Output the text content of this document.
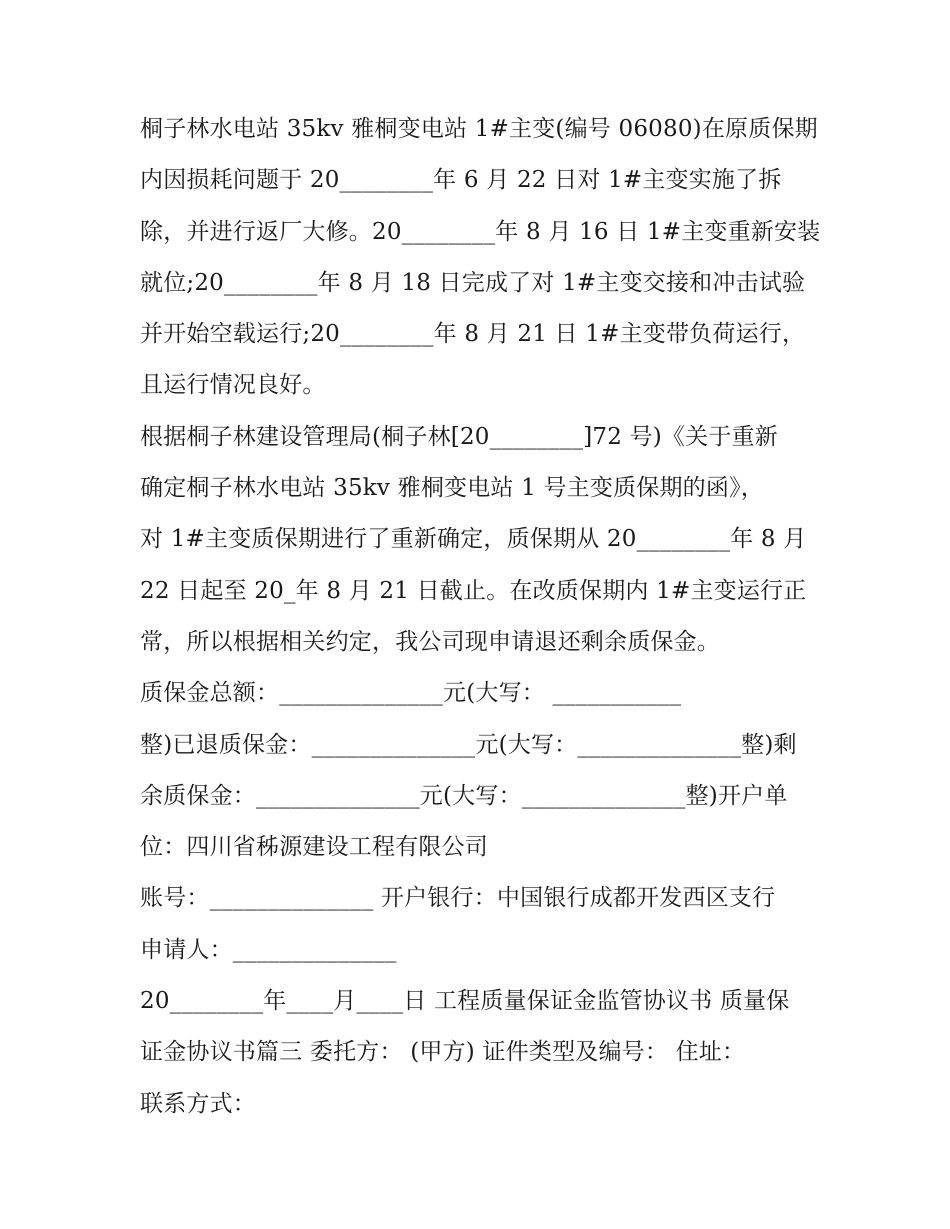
桐子林水电站 35kv 雅桐变电站 1#主变(编号 06080)在原质保期
内因损耗问题于 20________年 6 月 22 日对 1#主变实施了拆
除，并进行返厂大修。20________年 8 月 16 日 1#主变重新安装
就位;20________年 8 月 18 日完成了对 1#主变交接和冲击试验
并开始空载运行;20________年 8 月 21 日 1#主变带负荷运行，
且运行情况良好。
根据桐子林建设管理局(桐子林[20________]72 号)《关于重新
确定桐子林水电站 35kv 雅桐变电站 1 号主变质保期的函》，
对 1#主变质保期进行了重新确定，质保期从 20________年 8 月
22 日起至 20_年 8 月 21 日截止。在改质保期内 1#主变运行正
常，所以根据相关约定，我公司现申请退还剩余质保金。
质保金总额：______________元(大写： ___________
整)已退质保金：______________元(大写：______________整)剩
余质保金：______________元(大写：______________整)开户单
位：四川省秭源建设工程有限公司
账号：______________ 开户银行：中国银行成都开发西区支行
申请人：______________
20________年____月____日 工程质量保证金监管协议书 质量保
证金协议书篇三 委托方： (甲方) 证件类型及编号： 住址：
联系方式：
